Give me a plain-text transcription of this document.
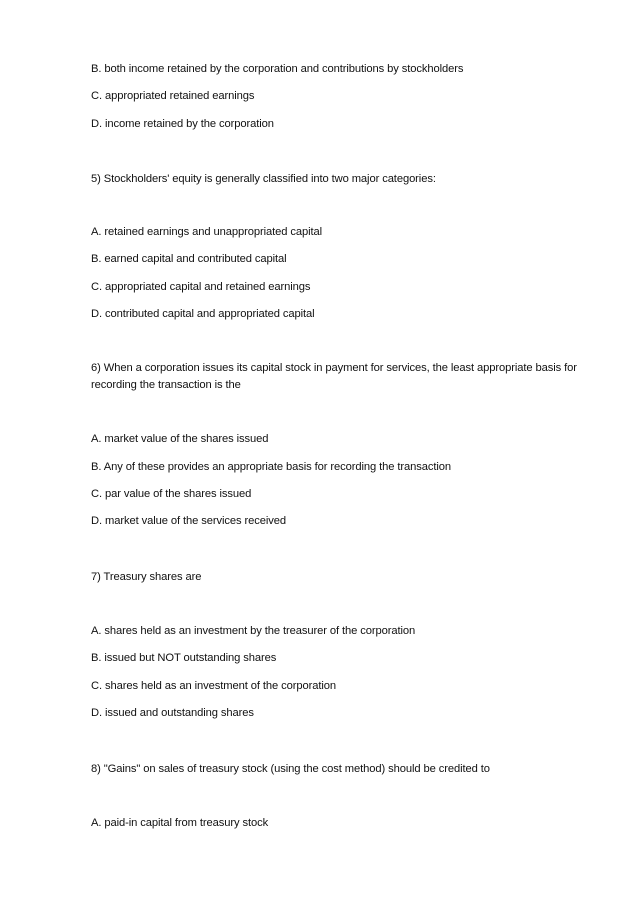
B. both income retained by the corporation and contributions by stockholders
C. appropriated retained earnings
D. income retained by the corporation
5) Stockholders' equity is generally classified into two major categories:
A. retained earnings and unappropriated capital
B. earned capital and contributed capital
C. appropriated capital and retained earnings
D. contributed capital and appropriated capital
6) When a corporation issues its capital stock in payment for services, the least appropriate basis for recording the transaction is the
A. market value of the shares issued
B. Any of these provides an appropriate basis for recording the transaction
C. par value of the shares issued
D. market value of the services received
7) Treasury shares are
A. shares held as an investment by the treasurer of the corporation
B. issued but NOT outstanding shares
C. shares held as an investment of the corporation
D. issued and outstanding shares
8) "Gains" on sales of treasury stock (using the cost method) should be credited to
A. paid-in capital from treasury stock
